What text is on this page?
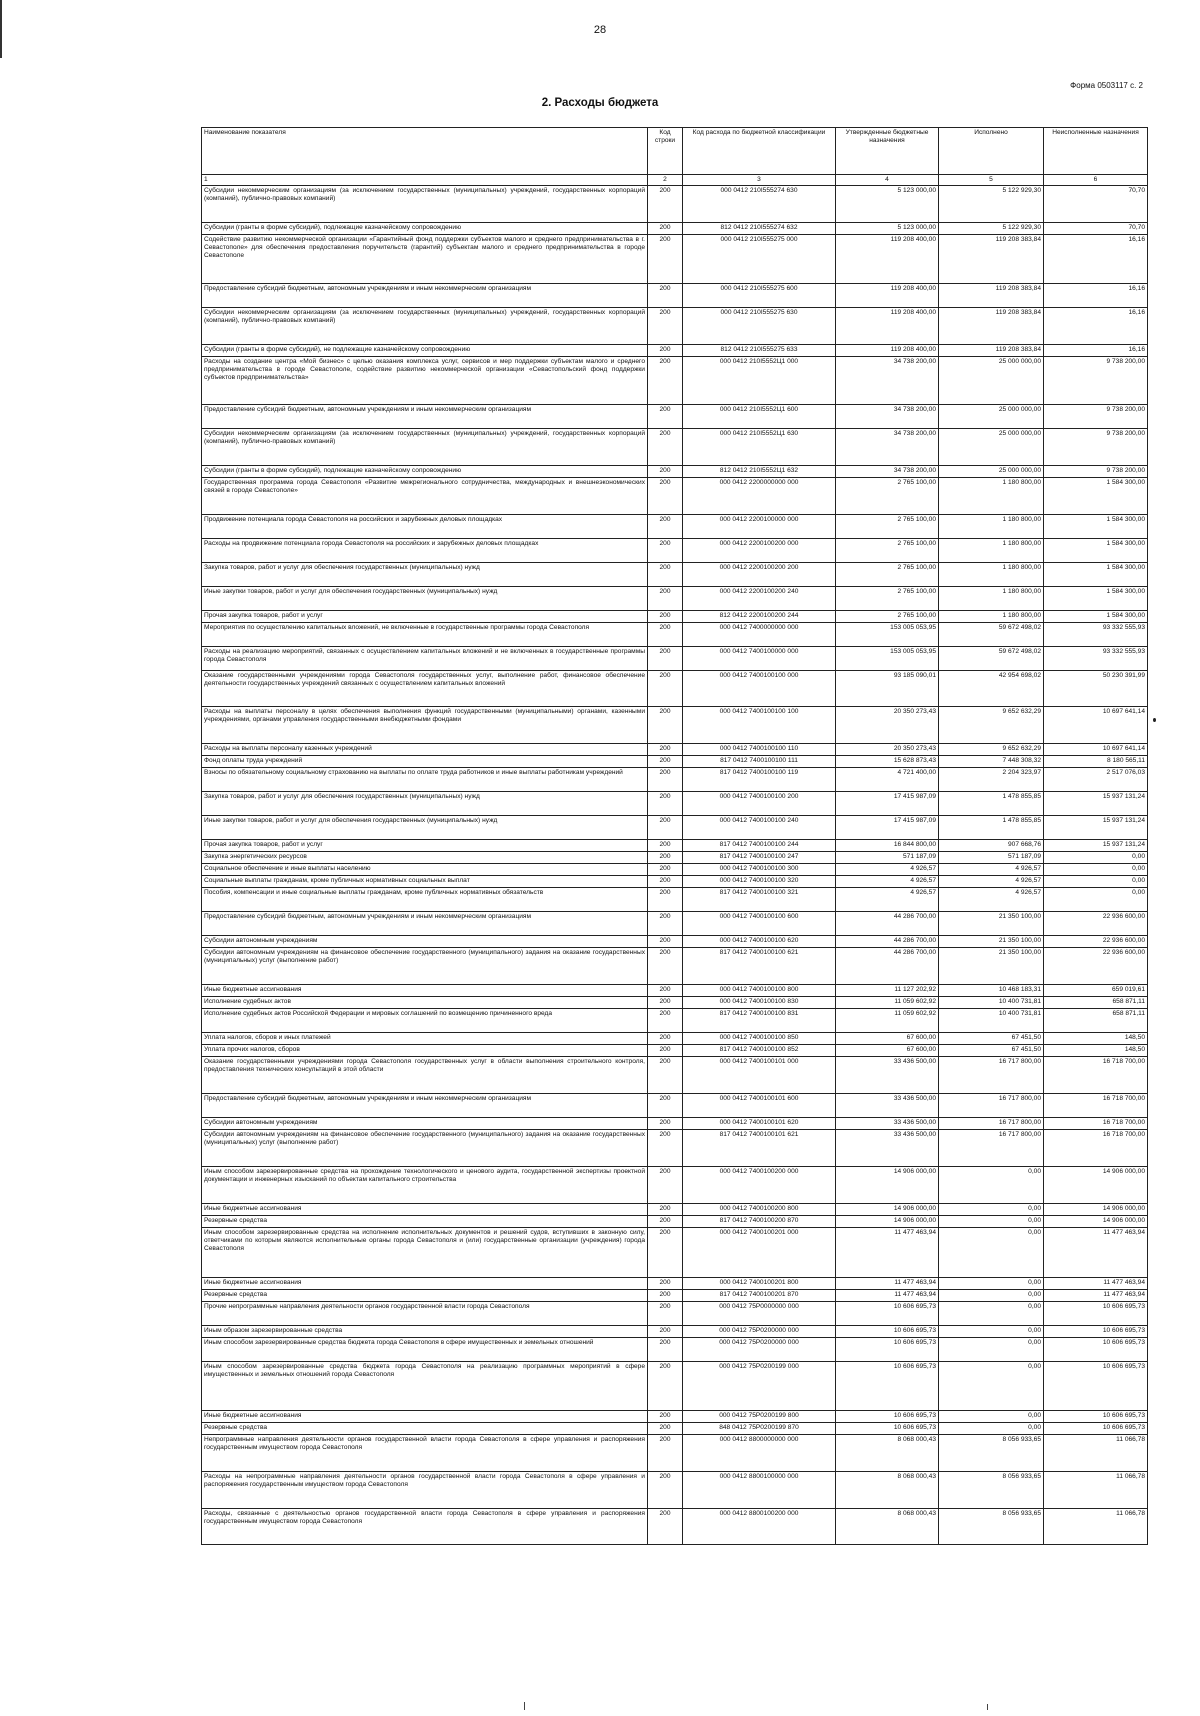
28
Форма 0503117 с. 2
2. Расходы бюджета
Наименование показателя	Код строки	Код расхода по бюджетной классификации	Утвержденные бюджетные назначения	Исполнено	Неисполненные назначения
1	2	3	4	5	6
Субсидии некоммерческим организациям (за исключением государственных (муниципальных) учреждений, государственных корпораций (компаний), публично-правовых компаний)	200	000 0412 210I555274 630	5 123 000,00	5 122 929,30	70,70
Субсидии (гранты в форме субсидий), подлежащие казначейскому сопровождению	200	812 0412 210I555274 632	5 123 000,00	5 122 929,30	70,70
Содействие развитию некоммерческой организации «Гарантийный фонд поддержки субъектов малого и среднего предпринимательства в г. Севастополе» для обеспечения предоставления поручительств (гарантий) субъектам малого и среднего предпринимательства в городе Севастополе	200	000 0412 210I555275 000	119 208 400,00	119 208 383,84	16,16
Предоставление субсидий бюджетным, автономным учреждениям и иным некоммерческим организациям	200	000 0412 210I555275 600	119 208 400,00	119 208 383,84	16,16
Субсидии некоммерческим организациям (за исключением государственных (муниципальных) учреждений, государственных корпораций (компаний), публично-правовых компаний)	200	000 0412 210I555275 630	119 208 400,00	119 208 383,84	16,16
Субсидии (гранты в форме субсидий), не подлежащие казначейскому сопровождению	200	812 0412 210I555275 633	119 208 400,00	119 208 383,84	16,16
Расходы на создание центра «Мой бизнес» с целью оказания комплекса услуг, сервисов и мер поддержки субъектам малого и среднего предпринимательства в городе Севастополе, содействие развитию некоммерческой организации «Севастопольский фонд поддержки субъектов предпринимательства»	200	000 0412 210I5552Ц1 000	34 738 200,00	25 000 000,00	9 738 200,00
Предоставление субсидий бюджетным, автономным учреждениям и иным некоммерческим организациям	200	000 0412 210I5552Ц1 600	34 738 200,00	25 000 000,00	9 738 200,00
Субсидии некоммерческим организациям (за исключением государственных (муниципальных) учреждений, государственных корпораций (компаний), публично-правовых компаний)	200	000 0412 210I5552Ц1 630	34 738 200,00	25 000 000,00	9 738 200,00
Субсидии (гранты в форме субсидий), подлежащие казначейскому сопровождению	200	812 0412 210I5552Ц1 632	34 738 200,00	25 000 000,00	9 738 200,00
Государственная программа города Севастополя «Развитие межрегионального сотрудничества, международных и внешнеэкономических связей в городе Севастополе»	200	000 0412 2200000000 000	2 765 100,00	1 180 800,00	1 584 300,00
Продвижение потенциала города Севастополя на российских и зарубежных деловых площадках	200	000 0412 2200100000 000	2 765 100,00	1 180 800,00	1 584 300,00
Расходы на продвижение потенциала города Севастополя на российских и зарубежных деловых площадках	200	000 0412 2200100200 000	2 765 100,00	1 180 800,00	1 584 300,00
Закупка товаров, работ и услуг для обеспечения государственных (муниципальных) нужд	200	000 0412 2200100200 200	2 765 100,00	1 180 800,00	1 584 300,00
Иные закупки товаров, работ и услуг для обеспечения государственных (муниципальных) нужд	200	000 0412 2200100200 240	2 765 100,00	1 180 800,00	1 584 300,00
Прочая закупка товаров, работ и услуг	200	812 0412 2200100200 244	2 765 100,00	1 180 800,00	1 584 300,00
Мероприятия по осуществлению капитальных вложений, не включенные в государственные программы города Севастополя	200	000 0412 7400000000 000	153 005 053,95	59 672 498,02	93 332 555,93
Расходы на реализацию мероприятий, связанных с осуществлением капитальных вложений и не включенных в государственные программы города Севастополя	200	000 0412 7400100000 000	153 005 053,95	59 672 498,02	93 332 555,93
Оказание государственными учреждениями города Севастополя государственных услуг, выполнение работ, финансовое обеспечение деятельности государственных учреждений связанных с осуществлением капитальных вложений	200	000 0412 7400100100 000	93 185 090,01	42 954 698,02	50 230 391,99
Расходы на выплаты персоналу в целях обеспечения выполнения функций государственными (муниципальными) органами, казенными учреждениями, органами управления государственными внебюджетными фондами	200	000 0412 7400100100 100	20 350 273,43	9 652 632,29	10 697 641,14
Расходы на выплаты персоналу казенных учреждений	200	000 0412 7400100100 110	20 350 273,43	9 652 632,29	10 697 641,14
Фонд оплаты труда учреждений	200	817 0412 7400100100 111	15 628 873,43	7 448 308,32	8 180 565,11
Взносы по обязательному социальному страхованию на выплаты по оплате труда работников и иные выплаты работникам учреждений	200	817 0412 7400100100 119	4 721 400,00	2 204 323,97	2 517 076,03
Закупка товаров, работ и услуг для обеспечения государственных (муниципальных) нужд	200	000 0412 7400100100 200	17 415 987,09	1 478 855,85	15 937 131,24
Иные закупки товаров, работ и услуг для обеспечения государственных (муниципальных) нужд	200	000 0412 7400100100 240	17 415 987,09	1 478 855,85	15 937 131,24
Прочая закупка товаров, работ и услуг	200	817 0412 7400100100 244	16 844 800,00	907 668,76	15 937 131,24
Закупка энергетических ресурсов	200	817 0412 7400100100 247	571 187,09	571 187,09	0,00
Социальное обеспечение и иные выплаты населению	200	000 0412 7400100100 300	4 926,57	4 926,57	0,00
Социальные выплаты гражданам, кроме публичных нормативных социальных выплат	200	000 0412 7400100100 320	4 926,57	4 926,57	0,00
Пособия, компенсации и иные социальные выплаты гражданам, кроме публичных нормативных обязательств	200	817 0412 7400100100 321	4 926,57	4 926,57	0,00
Предоставление субсидий бюджетным, автономным учреждениям и иным некоммерческим организациям	200	000 0412 7400100100 600	44 286 700,00	21 350 100,00	22 936 600,00
Субсидии автономным учреждениям	200	000 0412 7400100100 620	44 286 700,00	21 350 100,00	22 936 600,00
Субсидии автономным учреждениям на финансовое обеспечение государственного (муниципального) задания на оказание государственных (муниципальных) услуг (выполнение работ)	200	817 0412 7400100100 621	44 286 700,00	21 350 100,00	22 936 600,00
Иные бюджетные ассигнования	200	000 0412 7400100100 800	11 127 202,92	10 468 183,31	659 019,61
Исполнение судебных актов	200	000 0412 7400100100 830	11 059 602,92	10 400 731,81	658 871,11
Исполнение судебных актов Российской Федерации и мировых соглашений по возмещению причиненного вреда	200	817 0412 7400100100 831	11 059 602,92	10 400 731,81	658 871,11
Уплата налогов, сборов и иных платежей	200	000 0412 7400100100 850	67 600,00	67 451,50	148,50
Уплата прочих налогов, сборов	200	817 0412 7400100100 852	67 600,00	67 451,50	148,50
Оказание государственными учреждениями города Севастополя государственных услуг в области выполнения строительного контроля, предоставления технических консультаций в этой области	200	000 0412 7400100101 000	33 436 500,00	16 717 800,00	16 718 700,00
Предоставление субсидий бюджетным, автономным учреждениям и иным некоммерческим организациям	200	000 0412 7400100101 600	33 436 500,00	16 717 800,00	16 718 700,00
Субсидии автономным учреждениям	200	000 0412 7400100101 620	33 436 500,00	16 717 800,00	16 718 700,00
Субсидии автономным учреждениям на финансовое обеспечение государственного (муниципального) задания на оказание государственных (муниципальных) услуг (выполнение работ)	200	817 0412 7400100101 621	33 436 500,00	16 717 800,00	16 718 700,00
Иным способом зарезервированные средства на прохождение технологического и ценового аудита, государственной экспертизы проектной документации и инженерных изысканий по объектам капитального строительства	200	000 0412 7400100200 000	14 906 000,00	0,00	14 906 000,00
Иные бюджетные ассигнования	200	000 0412 7400100200 800	14 906 000,00	0,00	14 906 000,00
Резервные средства	200	817 0412 7400100200 870	14 906 000,00	0,00	14 906 000,00
Иным способом зарезервированные средства на исполнение исполнительных документов и решений судов, вступивших в законную силу, ответчиками по которым являются исполнительные органы города Севастополя и (или) государственные организации (учреждения) города Севастополя	200	000 0412 7400100201 000	11 477 463,94	0,00	11 477 463,94
Иные бюджетные ассигнования	200	000 0412 7400100201 800	11 477 463,94	0,00	11 477 463,94
Резервные средства	200	817 0412 7400100201 870	11 477 463,94	0,00	11 477 463,94
Прочие непрограммные направления деятельности органов государственной власти города Севастополя	200	000 0412 75P0000000 000	10 606 695,73	0,00	10 606 695,73
Иным образом зарезервированные средства	200	000 0412 75P0200000 000	10 606 695,73	0,00	10 606 695,73
Иным способом зарезервированные средства бюджета города Севастополя в сфере имущественных и земельных отношений	200	000 0412 75P0200000 000	10 606 695,73	0,00	10 606 695,73
Иным способом зарезервированные средства бюджета города Севастополя на реализацию программных мероприятий в сфере имущественных и земельных отношений города Севастополя	200	000 0412 75P0200199 000	10 606 695,73	0,00	10 606 695,73
Иные бюджетные ассигнования	200	000 0412 75P0200199 800	10 606 695,73	0,00	10 606 695,73
Резервные средства	200	848 0412 75P0200199 870	10 606 695,73	0,00	10 606 695,73
Непрограммные направления деятельности органов государственной власти города Севастополя в сфере управления и распоряжения государственным имуществом города Севастополя	200	000 0412 8800000000 000	8 068 000,43	8 056 933,65	11 066,78
Расходы на непрограммные направления деятельности органов государственной власти города Севастополя в сфере управления и распоряжения государственным имуществом города Севастополя	200	000 0412 8800100000 000	8 068 000,43	8 056 933,65	11 066,78
Расходы, связанные с деятельностью органов государственной власти города Севастополя в сфере управления и распоряжения государственным имуществом города Севастополя	200	000 0412 8800100200 000	8 068 000,43	8 056 933,65	11 066,78
